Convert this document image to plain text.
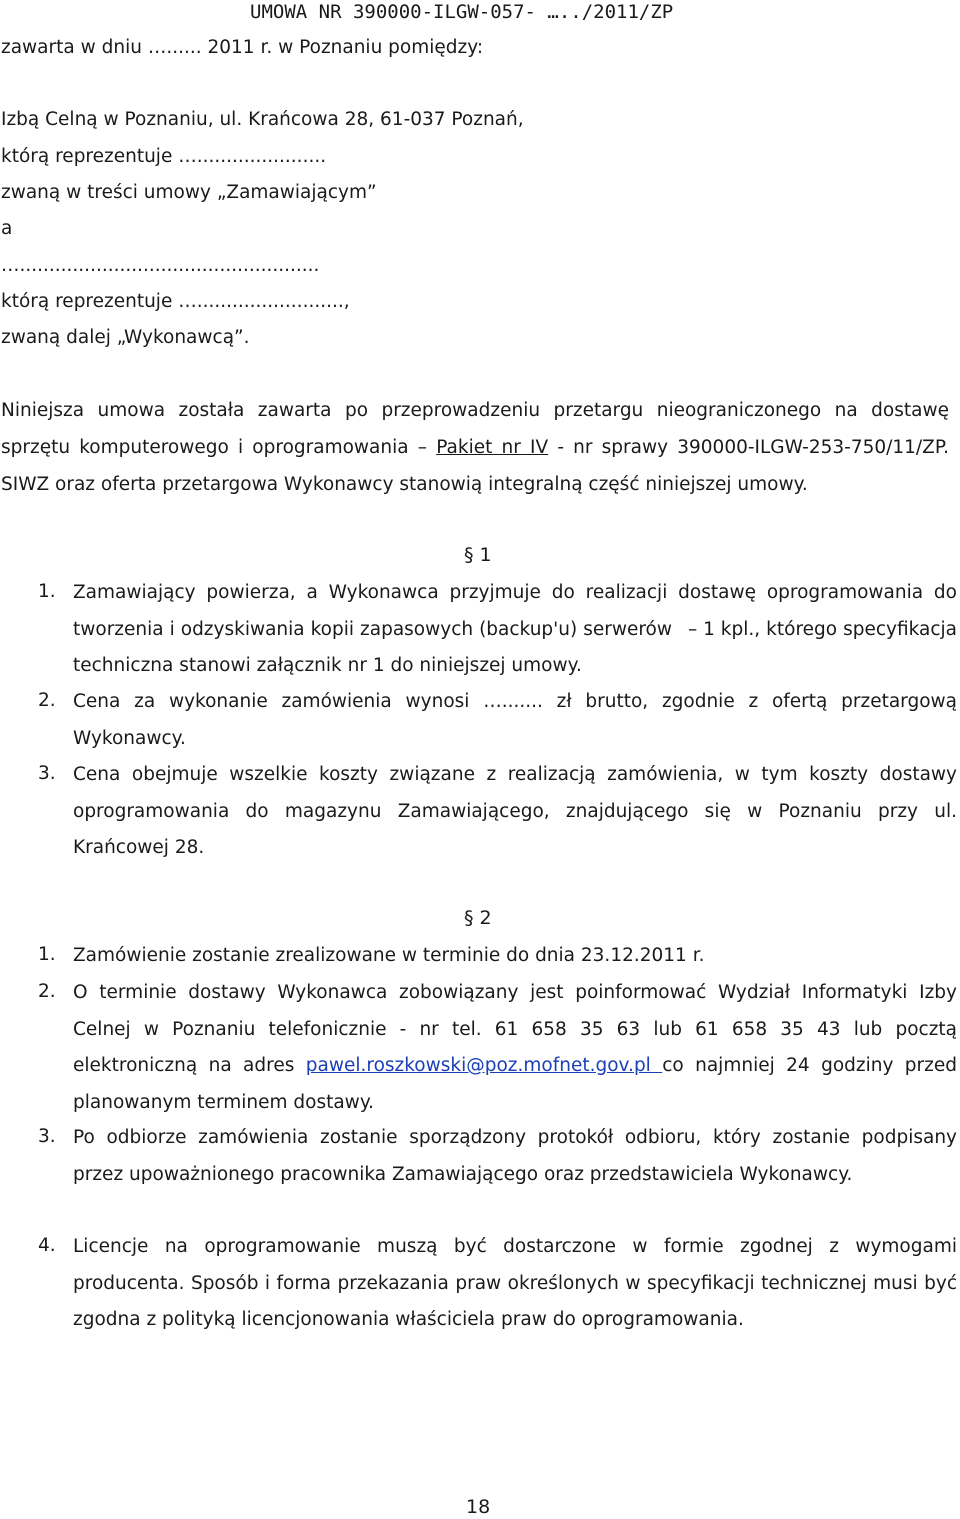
UMOWA NR 390000-ILGW-057- …../2011/ZP
zawarta w dniu …...... 2011 r. w Poznaniu pomiędzy:
Izbą Celną w Poznaniu, ul. Krańcowa 28, 61-037 Poznań,
którą reprezentuje …......................
zwaną w treści umowy „Zamawiającym”
a
…...................................................
którą reprezentuje ….........................,
zwaną dalej „Wykonawcą”.
Niniejsza umowa została zawarta po przeprowadzeniu przetargu nieograniczonego na dostawę sprzętu komputerowego i oprogramowania – Pakiet nr IV - nr sprawy 390000-ILGW-253-750/11/ZP. SIWZ oraz oferta przetargowa Wykonawcy stanowią integralną część niniejszej umowy.
§ 1
1. Zamawiający powierza, a Wykonawca przyjmuje do realizacji dostawę oprogramowania do tworzenia i odzyskiwania kopii zapasowych (backup'u) serwerów – 1 kpl., którego specyfikacja techniczna stanowi załącznik nr 1 do niniejszej umowy.
2. Cena za wykonanie zamówienia wynosi …....... zł brutto, zgodnie z ofertą przetargową Wykonawcy.
3. Cena obejmuje wszelkie koszty związane z realizacją zamówienia, w tym koszty dostawy oprogramowania do magazynu Zamawiającego, znajdującego się w Poznaniu przy ul. Krańcowej 28.
§ 2
1. Zamówienie zostanie zrealizowane w terminie do dnia 23.12.2011 r.
2. O terminie dostawy Wykonawca zobowiązany jest poinformować Wydział Informatyki Izby Celnej w Poznaniu telefonicznie - nr tel. 61 658 35 63 lub 61 658 35 43 lub pocztą elektroniczną na adres pawel.roszkowski@poz.mofnet.gov.pl co najmniej 24 godziny przed planowanym terminem dostawy.
3. Po odbiorze zamówienia zostanie sporządzony protokół odbioru, który zostanie podpisany przez upoważnionego pracownika Zamawiającego oraz przedstawiciela Wykonawcy.
4. Licencje na oprogramowanie muszą być dostarczone w formie zgodnej z wymogami producenta. Sposób i forma przekazania praw określonych w specyfikacji technicznej musi być zgodna z polityką licencjonowania właściciela praw do oprogramowania.
18
